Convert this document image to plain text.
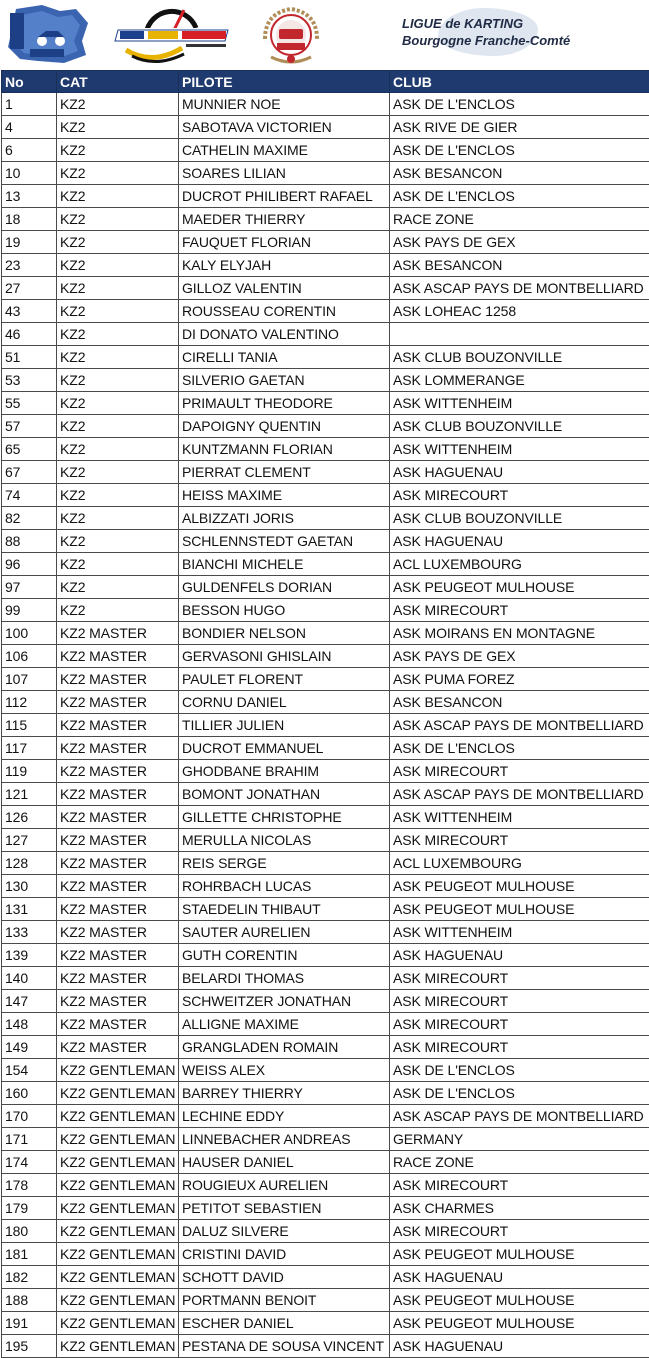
LIGUE de KARTING
Bourgogne Franche-Comté
No	CAT	PILOTE	CLUB
1	KZ2	MUNNIER NOE	ASK DE L'ENCLOS
4	KZ2	SABOTAVA VICTORIEN	ASK RIVE DE GIER
6	KZ2	CATHELIN MAXIME	ASK DE L'ENCLOS
10	KZ2	SOARES LILIAN	ASK BESANCON
13	KZ2	DUCROT PHILIBERT RAFAEL	ASK DE L'ENCLOS
18	KZ2	MAEDER THIERRY	RACE ZONE
19	KZ2	FAUQUET FLORIAN	ASK PAYS DE GEX
23	KZ2	KALY ELYJAH	ASK BESANCON
27	KZ2	GILLOZ VALENTIN	ASK ASCAP PAYS DE MONTBELLIARD
43	KZ2	ROUSSEAU CORENTIN	ASK LOHEAC 1258
46	KZ2	DI DONATO VALENTINO	
51	KZ2	CIRELLI TANIA	ASK CLUB BOUZONVILLE
53	KZ2	SILVERIO GAETAN	ASK LOMMERANGE
55	KZ2	PRIMAULT THEODORE	ASK WITTENHEIM
57	KZ2	DAPOIGNY QUENTIN	ASK CLUB BOUZONVILLE
65	KZ2	KUNTZMANN FLORIAN	ASK WITTENHEIM
67	KZ2	PIERRAT CLEMENT	ASK HAGUENAU
74	KZ2	HEISS MAXIME	ASK MIRECOURT
82	KZ2	ALBIZZATI JORIS	ASK CLUB BOUZONVILLE
88	KZ2	SCHLENNSTEDT GAETAN	ASK HAGUENAU
96	KZ2	BIANCHI MICHELE	ACL LUXEMBOURG
97	KZ2	GULDENFELS DORIAN	ASK PEUGEOT MULHOUSE
99	KZ2	BESSON HUGO	ASK MIRECOURT
100	KZ2 MASTER	BONDIER NELSON	ASK MOIRANS EN MONTAGNE
106	KZ2 MASTER	GERVASONI GHISLAIN	ASK PAYS DE GEX
107	KZ2 MASTER	PAULET FLORENT	ASK PUMA FOREZ
112	KZ2 MASTER	CORNU DANIEL	ASK BESANCON
115	KZ2 MASTER	TILLIER JULIEN	ASK ASCAP PAYS DE MONTBELLIARD
117	KZ2 MASTER	DUCROT EMMANUEL	ASK DE L'ENCLOS
119	KZ2 MASTER	GHODBANE BRAHIM	ASK MIRECOURT
121	KZ2 MASTER	BOMONT JONATHAN	ASK ASCAP PAYS DE MONTBELLIARD
126	KZ2 MASTER	GILLETTE CHRISTOPHE	ASK WITTENHEIM
127	KZ2 MASTER	MERULLA NICOLAS	ASK MIRECOURT
128	KZ2 MASTER	REIS SERGE	ACL LUXEMBOURG
130	KZ2 MASTER	ROHRBACH LUCAS	ASK PEUGEOT MULHOUSE
131	KZ2 MASTER	STAEDELIN THIBAUT	ASK PEUGEOT MULHOUSE
133	KZ2 MASTER	SAUTER AURELIEN	ASK WITTENHEIM
139	KZ2 MASTER	GUTH CORENTIN	ASK HAGUENAU
140	KZ2 MASTER	BELARDI THOMAS	ASK MIRECOURT
147	KZ2 MASTER	SCHWEITZER JONATHAN	ASK MIRECOURT
148	KZ2 MASTER	ALLIGNE MAXIME	ASK MIRECOURT
149	KZ2 MASTER	GRANGLADEN ROMAIN	ASK MIRECOURT
154	KZ2 GENTLEMAN	WEISS ALEX	ASK DE L'ENCLOS
160	KZ2 GENTLEMAN	BARREY THIERRY	ASK DE L'ENCLOS
170	KZ2 GENTLEMAN	LECHINE EDDY	ASK ASCAP PAYS DE MONTBELLIARD
171	KZ2 GENTLEMAN	LINNEBACHER ANDREAS	GERMANY
174	KZ2 GENTLEMAN	HAUSER DANIEL	RACE ZONE
178	KZ2 GENTLEMAN	ROUGIEUX AURELIEN	ASK MIRECOURT
179	KZ2 GENTLEMAN	PETITOT SEBASTIEN	ASK CHARMES
180	KZ2 GENTLEMAN	DALUZ SILVERE	ASK MIRECOURT
181	KZ2 GENTLEMAN	CRISTINI DAVID	ASK PEUGEOT MULHOUSE
182	KZ2 GENTLEMAN	SCHOTT DAVID	ASK HAGUENAU
188	KZ2 GENTLEMAN	PORTMANN BENOIT	ASK PEUGEOT MULHOUSE
191	KZ2 GENTLEMAN	ESCHER DANIEL	ASK PEUGEOT MULHOUSE
195	KZ2 GENTLEMAN	PESTANA DE SOUSA VINCENT	ASK HAGUENAU
